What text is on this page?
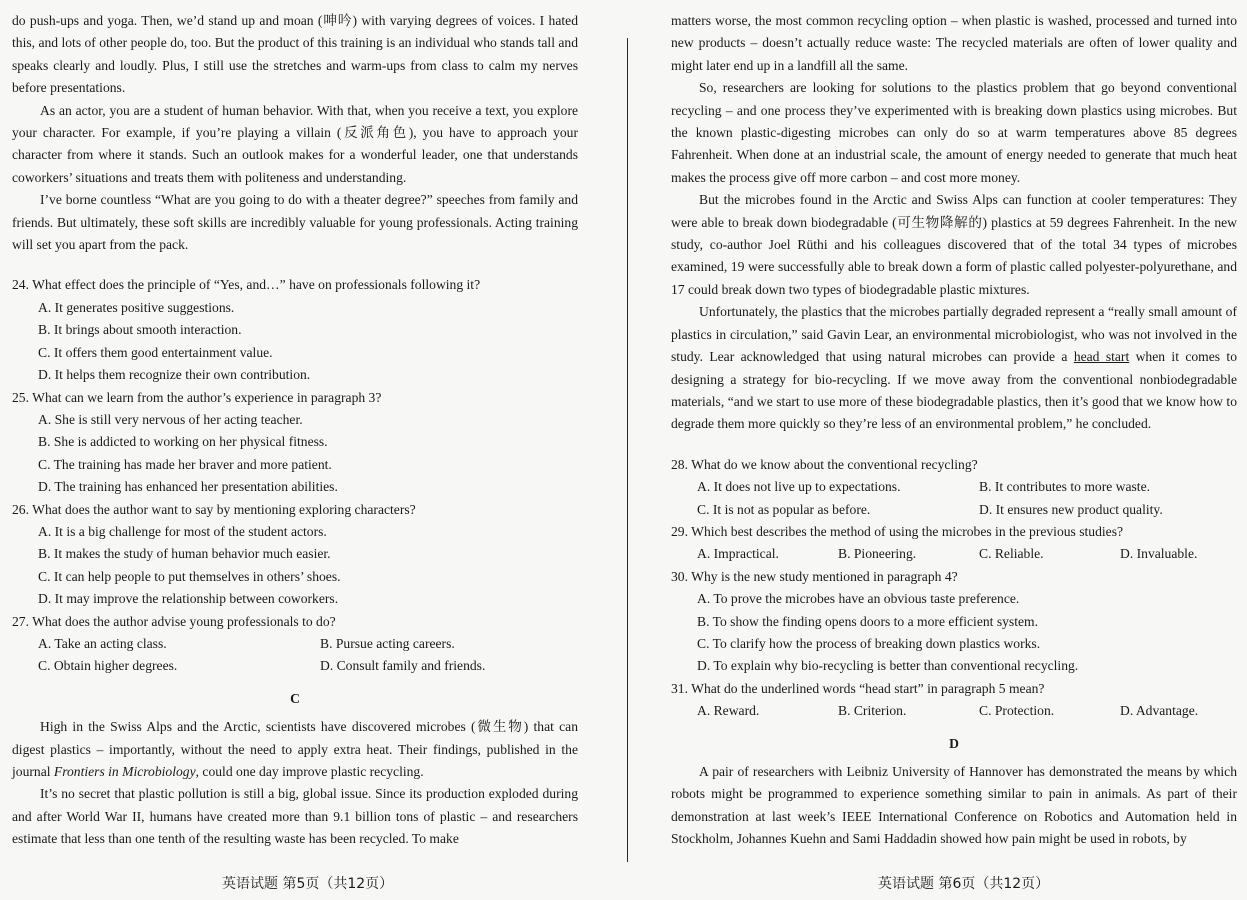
do push-ups and yoga. Then, we’d stand up and moan (呻吟) with varying degrees of voices. I hated this, and lots of other people do, too. But the product of this training is an individual who stands tall and speaks clearly and loudly. Plus, I still use the stretches and warm-ups from class to calm my nerves before presentations.

As an actor, you are a student of human behavior. With that, when you receive a text, you explore your character. For example, if you’re playing a villain (反派角色), you have to approach your character from where it stands. Such an outlook makes for a wonderful leader, one that understands coworkers’ situations and treats them with politeness and understanding.

I’ve borne countless “What are you going to do with a theater degree?” speeches from family and friends. But ultimately, these soft skills are incredibly valuable for young professionals. Acting training will set you apart from the pack.

24. What effect does the principle of “Yes, and…” have on professionals following it?

A. It generates positive suggestions.

B. It brings about smooth interaction.

C. It offers them good entertainment value.

D. It helps them recognize their own contribution.

25. What can we learn from the author’s experience in paragraph 3?

A. She is still very nervous of her acting teacher.

B. She is addicted to working on her physical fitness.

C. The training has made her braver and more patient.

D. The training has enhanced her presentation abilities.

26. What does the author want to say by mentioning exploring characters?

A. It is a big challenge for most of the student actors.

B. It makes the study of human behavior much easier.

C. It can help people to put themselves in others’ shoes.

D. It may improve the relationship between coworkers.

27. What does the author advise young professionals to do?

A. Take an acting class.	B. Pursue acting careers.
C. Obtain higher degrees.	D. Consult family and friends.
C

High in the Swiss Alps and the Arctic, scientists have discovered microbes (微生物) that can digest plastics – importantly, without the need to apply extra heat. Their findings, published in the journal Frontiers in Microbiology, could one day improve plastic recycling.

It’s no secret that plastic pollution is still a big, global issue. Since its production exploded during and after World War II, humans have created more than 9.1 billion tons of plastic – and researchers estimate that less than one tenth of the resulting waste has been recycled. To make

matters worse, the most common recycling option – when plastic is washed, processed and turned into new products – doesn’t actually reduce waste: The recycled materials are often of lower quality and might later end up in a landfill all the same.

So, researchers are looking for solutions to the plastics problem that go beyond conventional recycling – and one process they’ve experimented with is breaking down plastics using microbes. But the known plastic-digesting microbes can only do so at warm temperatures above 85 degrees Fahrenheit. When done at an industrial scale, the amount of energy needed to generate that much heat makes the process give off more carbon – and cost more money.

But the microbes found in the Arctic and Swiss Alps can function at cooler temperatures: They were able to break down biodegradable (可生物降解的) plastics at 59 degrees Fahrenheit. In the new study, co-author Joel Rüthi and his colleagues discovered that of the total 34 types of microbes examined, 19 were successfully able to break down a form of plastic called polyester-polyurethane, and 17 could break down two types of biodegradable plastic mixtures.

Unfortunately, the plastics that the microbes partially degraded represent a “really small amount of plastics in circulation,” said Gavin Lear, an environmental microbiologist, who was not involved in the study. Lear acknowledged that using natural microbes can provide a head start when it comes to designing a strategy for bio-recycling. If we move away from the conventional nonbiodegradable materials, “and we start to use more of these biodegradable plastics, then it’s good that we know how to degrade them more quickly so they’re less of an environmental problem,” he concluded.

28. What do we know about the conventional recycling?

A. It does not live up to expectations.	B. It contributes to more waste.
C. It is not as popular as before.	D. It ensures new product quality.

29. Which best describes the method of using the microbes in the previous studies?

A. Impractical.	B. Pioneering.	C. Reliable.	D. Invaluable.

30. Why is the new study mentioned in paragraph 4?

A. To prove the microbes have an obvious taste preference.

B. To show the finding opens doors to a more efficient system.

C. To clarify how the process of breaking down plastics works.

D. To explain why bio-recycling is better than conventional recycling.

31. What do the underlined words “head start” in paragraph 5 mean?

A. Reward.	B. Criterion.	C. Protection.	D. Advantage.
D

A pair of researchers with Leibniz University of Hannover has demonstrated the means by which robots might be programmed to experience something similar to pain in animals. As part of their demonstration at last week’s IEEE International Conference on Robotics and Automation held in Stockholm, Johannes Kuehn and Sami Haddadin showed how pain might be used in robots, by

英语试题 第5页（共12页）	英语试题 第6页（共12页）
